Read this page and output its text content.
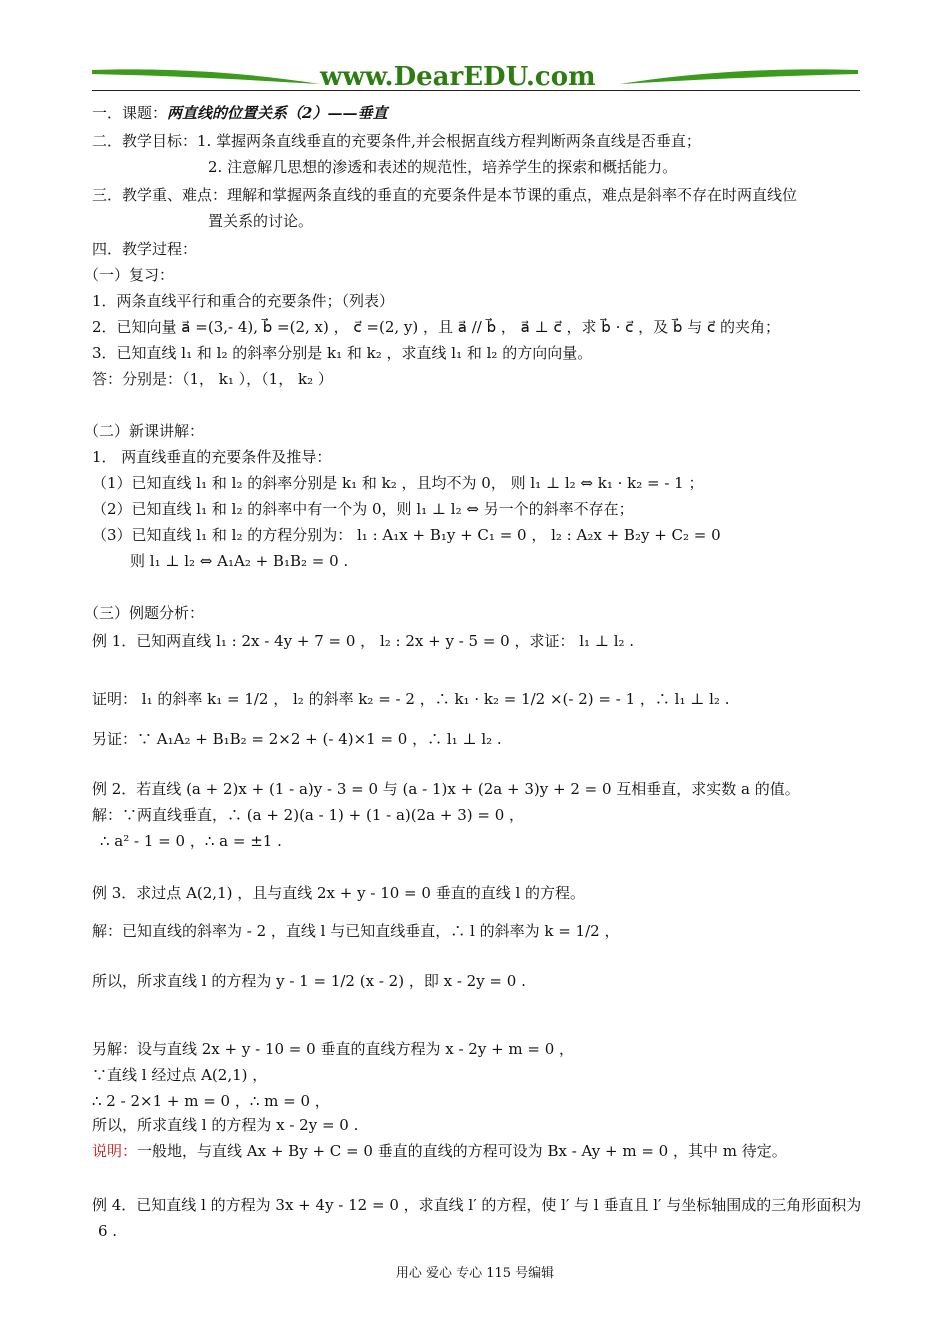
www.DearEDU.com
一．课题：两直线的位置关系（2）——垂直
二．教学目标：1. 掌握两条直线垂直的充要条件,并会根据直线方程判断两条直线是否垂直；
2. 注意解几思想的渗透和表述的规范性，培养学生的探索和概括能力。
三．教学重、难点：理解和掌握两条直线的垂直的充要条件是本节课的重点，难点是斜率不存在时两直线位
置关系的讨论。
四．教学过程：
（一）复习：
1．两条直线平行和重合的充要条件；（列表）
2．已知向量 a⃗ =(3,- 4), b⃗ =(2, x) ， c⃗ =(2, y) ，且 a⃗ // b⃗ ， a⃗ ⊥ c⃗ ，求 b⃗ · c⃗ ，及 b⃗ 与 c⃗ 的夹角；
3．已知直线 l₁ 和 l₂ 的斜率分别是 k₁ 和 k₂ ，求直线 l₁ 和 l₂ 的方向向量。
答：分别是：（1， k₁ ），（1， k₂ ）
（二）新课讲解：
1． 两直线垂直的充要条件及推导：
（1）已知直线 l₁ 和 l₂ 的斜率分别是 k₁ 和 k₂ ，且均不为 0， 则 l₁ ⊥ l₂ ⇔ k₁ · k₂ = - 1 ；
（2）已知直线 l₁ 和 l₂ 的斜率中有一个为 0，则 l₁ ⊥ l₂ ⇔ 另一个的斜率不存在；
（3）已知直线 l₁ 和 l₂ 的方程分别为： l₁ : A₁x + B₁y + C₁ = 0 ， l₂ : A₂x + B₂y + C₂ = 0
则 l₁ ⊥ l₂ ⇔ A₁A₂ + B₁B₂ = 0 .
（三）例题分析：
例 1．已知两直线 l₁ : 2x - 4y + 7 = 0 ， l₂ : 2x + y - 5 = 0 ，求证： l₁ ⊥ l₂ .
证明： l₁ 的斜率 k₁ = 1/2 ， l₂ 的斜率 k₂ = - 2 ，∴ k₁ · k₂ = 1/2 ×(- 2) = - 1 ，∴ l₁ ⊥ l₂ .
另证：∵ A₁A₂ + B₁B₂ = 2×2 + (- 4)×1 = 0 ，∴ l₁ ⊥ l₂ .
例 2．若直线 (a + 2)x + (1 - a)y - 3 = 0 与 (a - 1)x + (2a + 3)y + 2 = 0 互相垂直，求实数 a 的值。
解：∵两直线垂直，∴ (a + 2)(a - 1) + (1 - a)(2a + 3) = 0 ，
∴ a² - 1 = 0 ，∴ a = ±1 .
例 3．求过点 A(2,1) ，且与直线 2x + y - 10 = 0 垂直的直线 l 的方程。
解：已知直线的斜率为 - 2 ，直线 l 与已知直线垂直，∴ l 的斜率为 k = 1/2 ，
所以，所求直线 l 的方程为 y - 1 = 1/2 (x - 2) ，即 x - 2y = 0 .
另解：设与直线 2x + y - 10 = 0 垂直的直线方程为 x - 2y + m = 0 ，
∵直线 l 经过点 A(2,1) ，
∴ 2 - 2×1 + m = 0 ，∴ m = 0 ，
所以，所求直线 l 的方程为 x - 2y = 0 .
说明：一般地，与直线 Ax + By + C = 0 垂直的直线的方程可设为 Bx - Ay + m = 0 ，其中 m 待定。
例 4．已知直线 l 的方程为 3x + 4y - 12 = 0 ，求直线 l′ 的方程，使 l′ 与 l 垂直且 l′ 与坐标轴围成的三角形面积为
6 .
用心 爱心 专心 115 号编辑
